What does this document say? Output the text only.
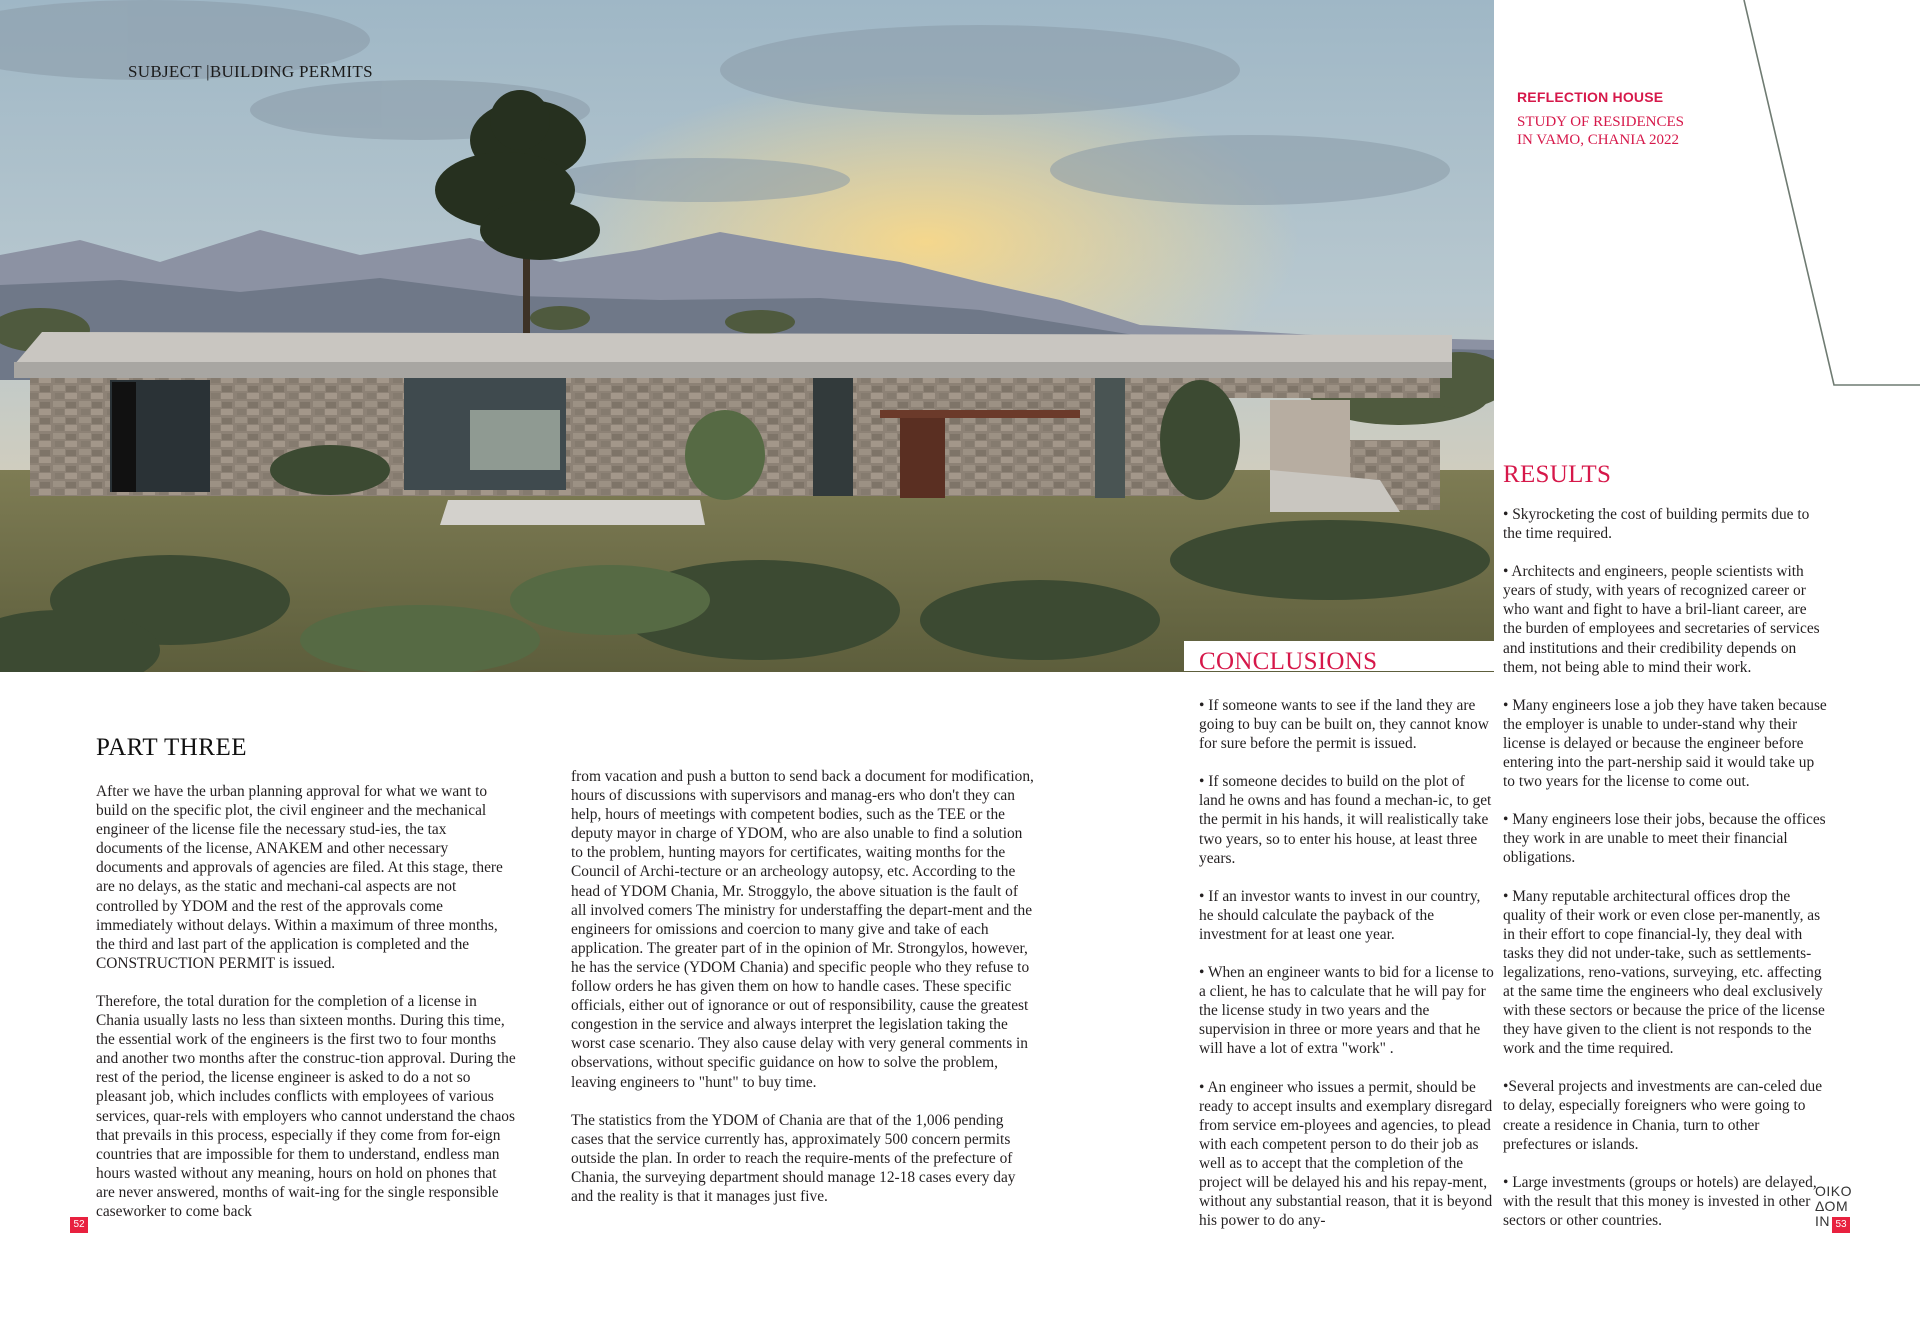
SUBJECT |BUILDING PERMITS
REFLECTION HOUSE
STUDY OF RESIDENCES
IN VAMO, CHANIA 2022
PART THREE

After we have the urban planning approval for what we want to build on the specific plot, the civil engineer and the mechanical engineer of the license file the necessary stud-ies, the tax documents of the license, ANAKEM and other necessary documents and approvals of agencies are filed. At this stage, there are no delays, as the static and mechani-cal aspects are not controlled by YDOM and the rest of the approvals come immediately without delays. Within a maximum of three months, the third and last part of the application is completed and the CONSTRUCTION PERMIT is issued.

Therefore, the total duration for the completion of a license in Chania usually lasts no less than sixteen months. During this time, the essential work of the engineers is the first two to four months and another two months after the construc-tion approval. During the rest of the period, the license engineer is asked to do a not so pleasant job, which includes conflicts with employees of various services, quar-rels with employers who cannot understand the chaos that prevails in this process, especially if they come from for-eign countries that are impossible for them to understand, endless man hours wasted without any meaning, hours on hold on phones that are never answered, months of wait-ing for the single responsible caseworker to come back

from vacation and push a button to send back a document for modification, hours of discussions with supervisors and manag-ers who don't they can help, hours of meetings with competent bodies, such as the TEE or the deputy mayor in charge of YDOM, who are also unable to find a solution to the problem, hunting mayors for certificates, waiting months for the Council of Archi-tecture or an archeology autopsy, etc. According to the head of YDOM Chania, Mr. Stroggylo, the above situation is the fault of all involved comers The ministry for understaffing the depart-ment and the engineers for omissions and coercion to many give and take of each application. The greater part of in the opinion of Mr. Strongylos, however, he has the service (YDOM Chania) and specific people who they refuse to follow orders he has given them on how to handle cases. These specific officials, either out of ignorance or out of responsibility, cause the greatest congestion in the service and always interpret the legislation taking the worst case scenario. They also cause delay with very general comments in observations, without specific guidance on how to solve the problem, leaving engineers to "hunt" to buy time.

The statistics from the YDOM of Chania are that of the 1,006 pending cases that the service currently has, approximately 500 concern permits outside the plan. In order to reach the require-ments of the prefecture of Chania, the surveying department should manage 12-18 cases every day and the reality is that it manages just five.

CONCLUSIONS

• If someone wants to see if the land they are going to buy can be built on, they cannot know for sure before the permit is issued.

• If someone decides to build on the plot of land he owns and has found a mechan-ic, to get the permit in his hands, it will realistically take two years, so to enter his house, at least three years.

• If an investor wants to invest in our country, he should calculate the payback of the investment for at least one year.

• When an engineer wants to bid for a license to a client, he has to calculate that he will pay for the license study in two years and the supervision in three or more years and that he will have a lot of extra "work" .

• An engineer who issues a permit, should be ready to accept insults and exemplary disregard from service em-ployees and agencies, to plead with each competent person to do their job as well as to accept that the completion of the project will be delayed his and his repay-ment, without any substantial reason, that it is beyond his power to do any-

RESULTS

• Skyrocketing the cost of building permits due to the time required.

• Architects and engineers, people scientists with years of study, with years of recognized career or who want and fight to have a bril-liant career, are the burden of employees and secretaries of services and institutions and their credibility depends on them, not being able to mind their work.

• Many engineers lose a job they have taken because the employer is unable to under-stand why their license is delayed or because the engineer before entering into the part-nership said it would take up to two years for the license to come out.

• Many engineers lose their jobs, because the offices they work in are unable to meet their financial obligations.

• Many reputable architectural offices drop the quality of their work or even close per-manently, as in their effort to cope financial-ly, they deal with tasks they did not under-take, such as settlements-legalizations, reno-vations, surveying, etc. affecting at the same time the engineers who deal exclusively with these sectors or because the price of the license they have given to the client is not responds to the work and the time required.

•Several projects and investments are can-celed due to delay, especially foreigners who were going to create a residence in Chania, turn to other prefectures or islands.

• Large investments (groups or hotels) are delayed, with the result that this money is invested in other sectors or other countries.

52	53
OIKO
ΔΟΜ
IN
